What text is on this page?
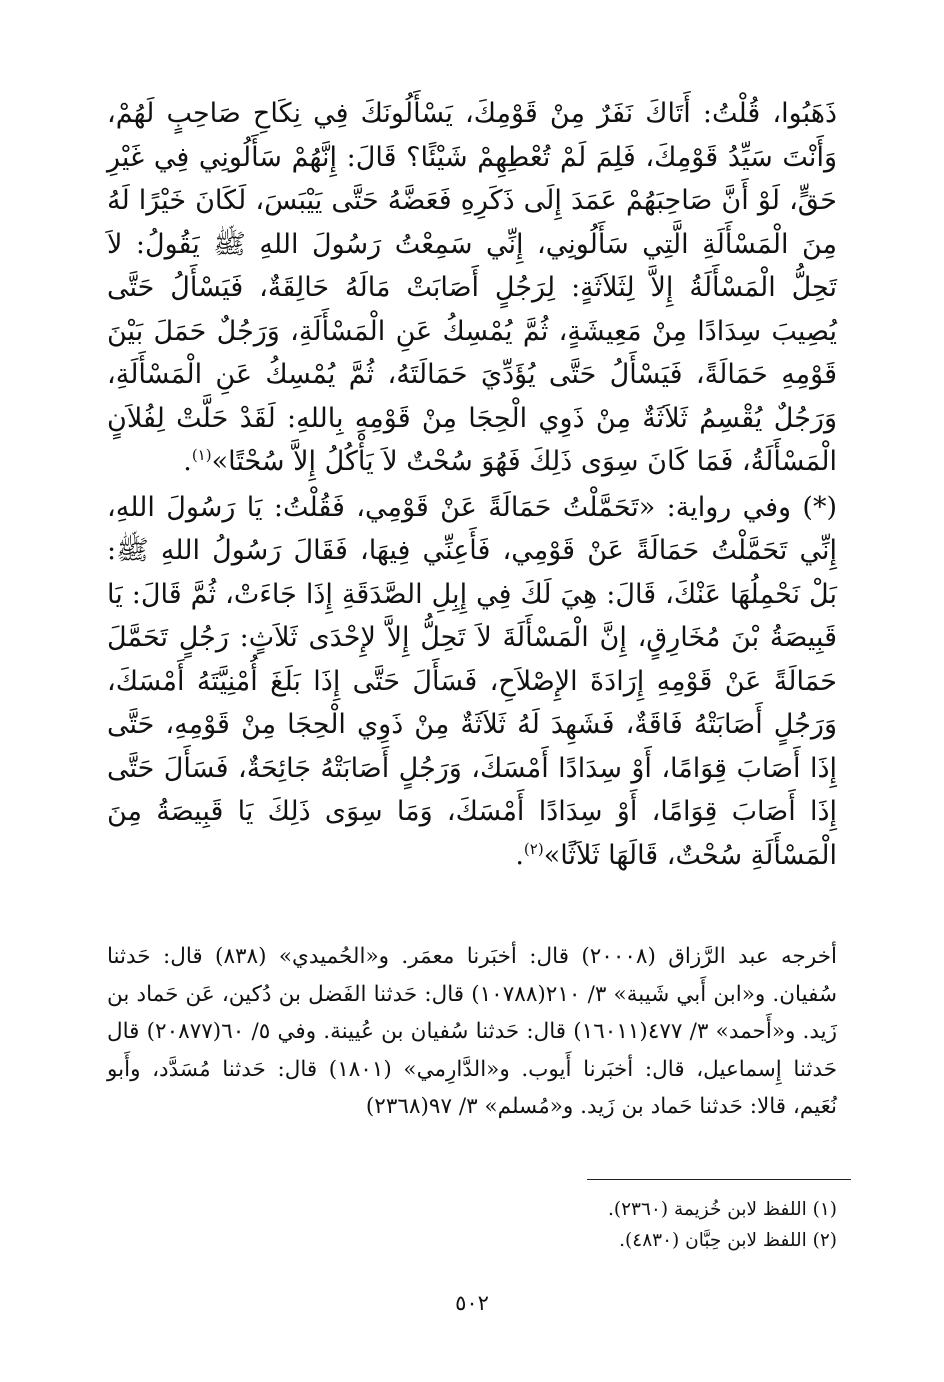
ذَهَبُوا، قُلْتُ: أَتَاكَ نَفَرٌ مِنْ قَوْمِكَ، يَسْأَلُونَكَ فِي نِكَاحِ صَاحِبٍ لَهُمْ، وَأَنْتَ سَيِّدُ قَوْمِكَ، فَلِمَ لَمْ تُعْطِهِمْ شَيْئًا؟ قَالَ: إِنَّهُمْ سَأَلُونِي فِي غَيْرِ حَقٍّ، لَوْ أَنَّ صَاحِبَهُمْ عَمَدَ إِلَى ذَكَرِهِ فَعَضَّهُ حَتَّى يَيْبَسَ، لَكَانَ خَيْرًا لَهُ مِنَ الْمَسْأَلَةِ الَّتِي سَأَلُونِي، إِنِّي سَمِعْتُ رَسُولَ اللهِ ﷺ يَقُولُ: لاَ تَحِلُّ الْمَسْأَلَةُ إِلاَّ لِثَلاَثَةٍ: لِرَجُلٍ أَصَابَتْ مَالَهُ حَالِقَةٌ، فَيَسْأَلُ حَتَّى يُصِيبَ سِدَادًا مِنْ مَعِيشَةٍ، ثُمَّ يُمْسِكُ عَنِ الْمَسْأَلَةِ، وَرَجُلٌ حَمَلَ بَيْنَ قَوْمِهِ حَمَالَةً، فَيَسْأَلُ حَتَّى يُؤَدِّيَ حَمَالَتَهُ، ثُمَّ يُمْسِكُ عَنِ الْمَسْأَلَةِ، وَرَجُلٌ يُقْسِمُ ثَلاَثَةٌ مِنْ ذَوِي الْحِجَا مِنْ قَوْمِهِ بِاللهِ: لَقَدْ حَلَّتْ لِفُلاَنٍ الْمَسْأَلَةُ، فَمَا كَانَ سِوَى ذَلِكَ فَهُوَ سُحْتٌ لاَ يَأْكُلُ إِلاَّ سُحْتًا»$^{(١)}$.

(*) وفي رواية: «تَحَمَّلْتُ حَمَالَةً عَنْ قَوْمِي، فَقُلْتُ: يَا رَسُولَ اللهِ، إِنِّي تَحَمَّلْتُ حَمَالَةً عَنْ قَوْمِي، فَأَعِنِّي فِيهَا، فَقَالَ رَسُولُ اللهِ ﷺ: بَلْ نَحْمِلُهَا عَنْكَ، قَالَ: هِيَ لَكَ فِي إِبِلِ الصَّدَقَةِ إِذَا جَاءَتْ، ثُمَّ قَالَ: يَا قَبِيصَةُ بْنَ مُخَارِقٍ، إِنَّ الْمَسْأَلَةَ لاَ تَحِلُّ إِلاَّ لإِحْدَى ثَلاَثٍ: رَجُلٍ تَحَمَّلَ حَمَالَةً عَنْ قَوْمِهِ إِرَادَةَ الإِصْلاَحِ، فَسَأَلَ حَتَّى إِذَا بَلَغَ أُمْنِيَّتَهُ أَمْسَكَ، وَرَجُلٍ أَصَابَتْهُ فَاقَةٌ، فَشَهِدَ لَهُ ثَلاَثَةٌ مِنْ ذَوِي الْحِجَا مِنْ قَوْمِهِ، حَتَّى إِذَا أَصَابَ قِوَامًا، أَوْ سِدَادًا أَمْسَكَ، وَرَجُلٍ أَصَابَتْهُ جَائِحَةٌ، فَسَأَلَ حَتَّى إِذَا أَصَابَ قِوَامًا، أَوْ سِدَادًا أَمْسَكَ، وَمَا سِوَى ذَلِكَ يَا قَبِيصَةُ مِنَ الْمَسْأَلَةِ سُحْتٌ، قَالَهَا ثَلاَثًا»$^{(٢)}$.

أخرجه عبد الرَّزاق (٢٠٠٠٨) قال: أخبَرنا معمَر. و«الحُميدي» (٨٣٨) قال: حَدثنا سُفيان. و«ابن أَبي شَيبة» ٣/ ٢١٠(١٠٧٨٨) قال: حَدثنا الفَضل بن دُكين، عَن حَماد بن زَيد. و«أَحمد» ٣/ ٤٧٧(١٦٠١١) قال: حَدثنا سُفيان بن عُيينة. وفي ٥/ ٦٠(٢٠٨٧٧) قال حَدثنا إِسماعيل، قال: أخبَرنا أَيوب. و«الدَّارِمي» (١٨٠١) قال: حَدثنا مُسَدَّد، وأَبو نُعَيم، قالا: حَدثنا حَماد بن زَيد. و«مُسلم» ٣/ ٩٧(٢٣٦٨)

(١) اللفظ لابن خُزيمة (٢٣٦٠).

(٢) اللفظ لابن حِبَّان (٤٨٣٠).

٥٠٢
